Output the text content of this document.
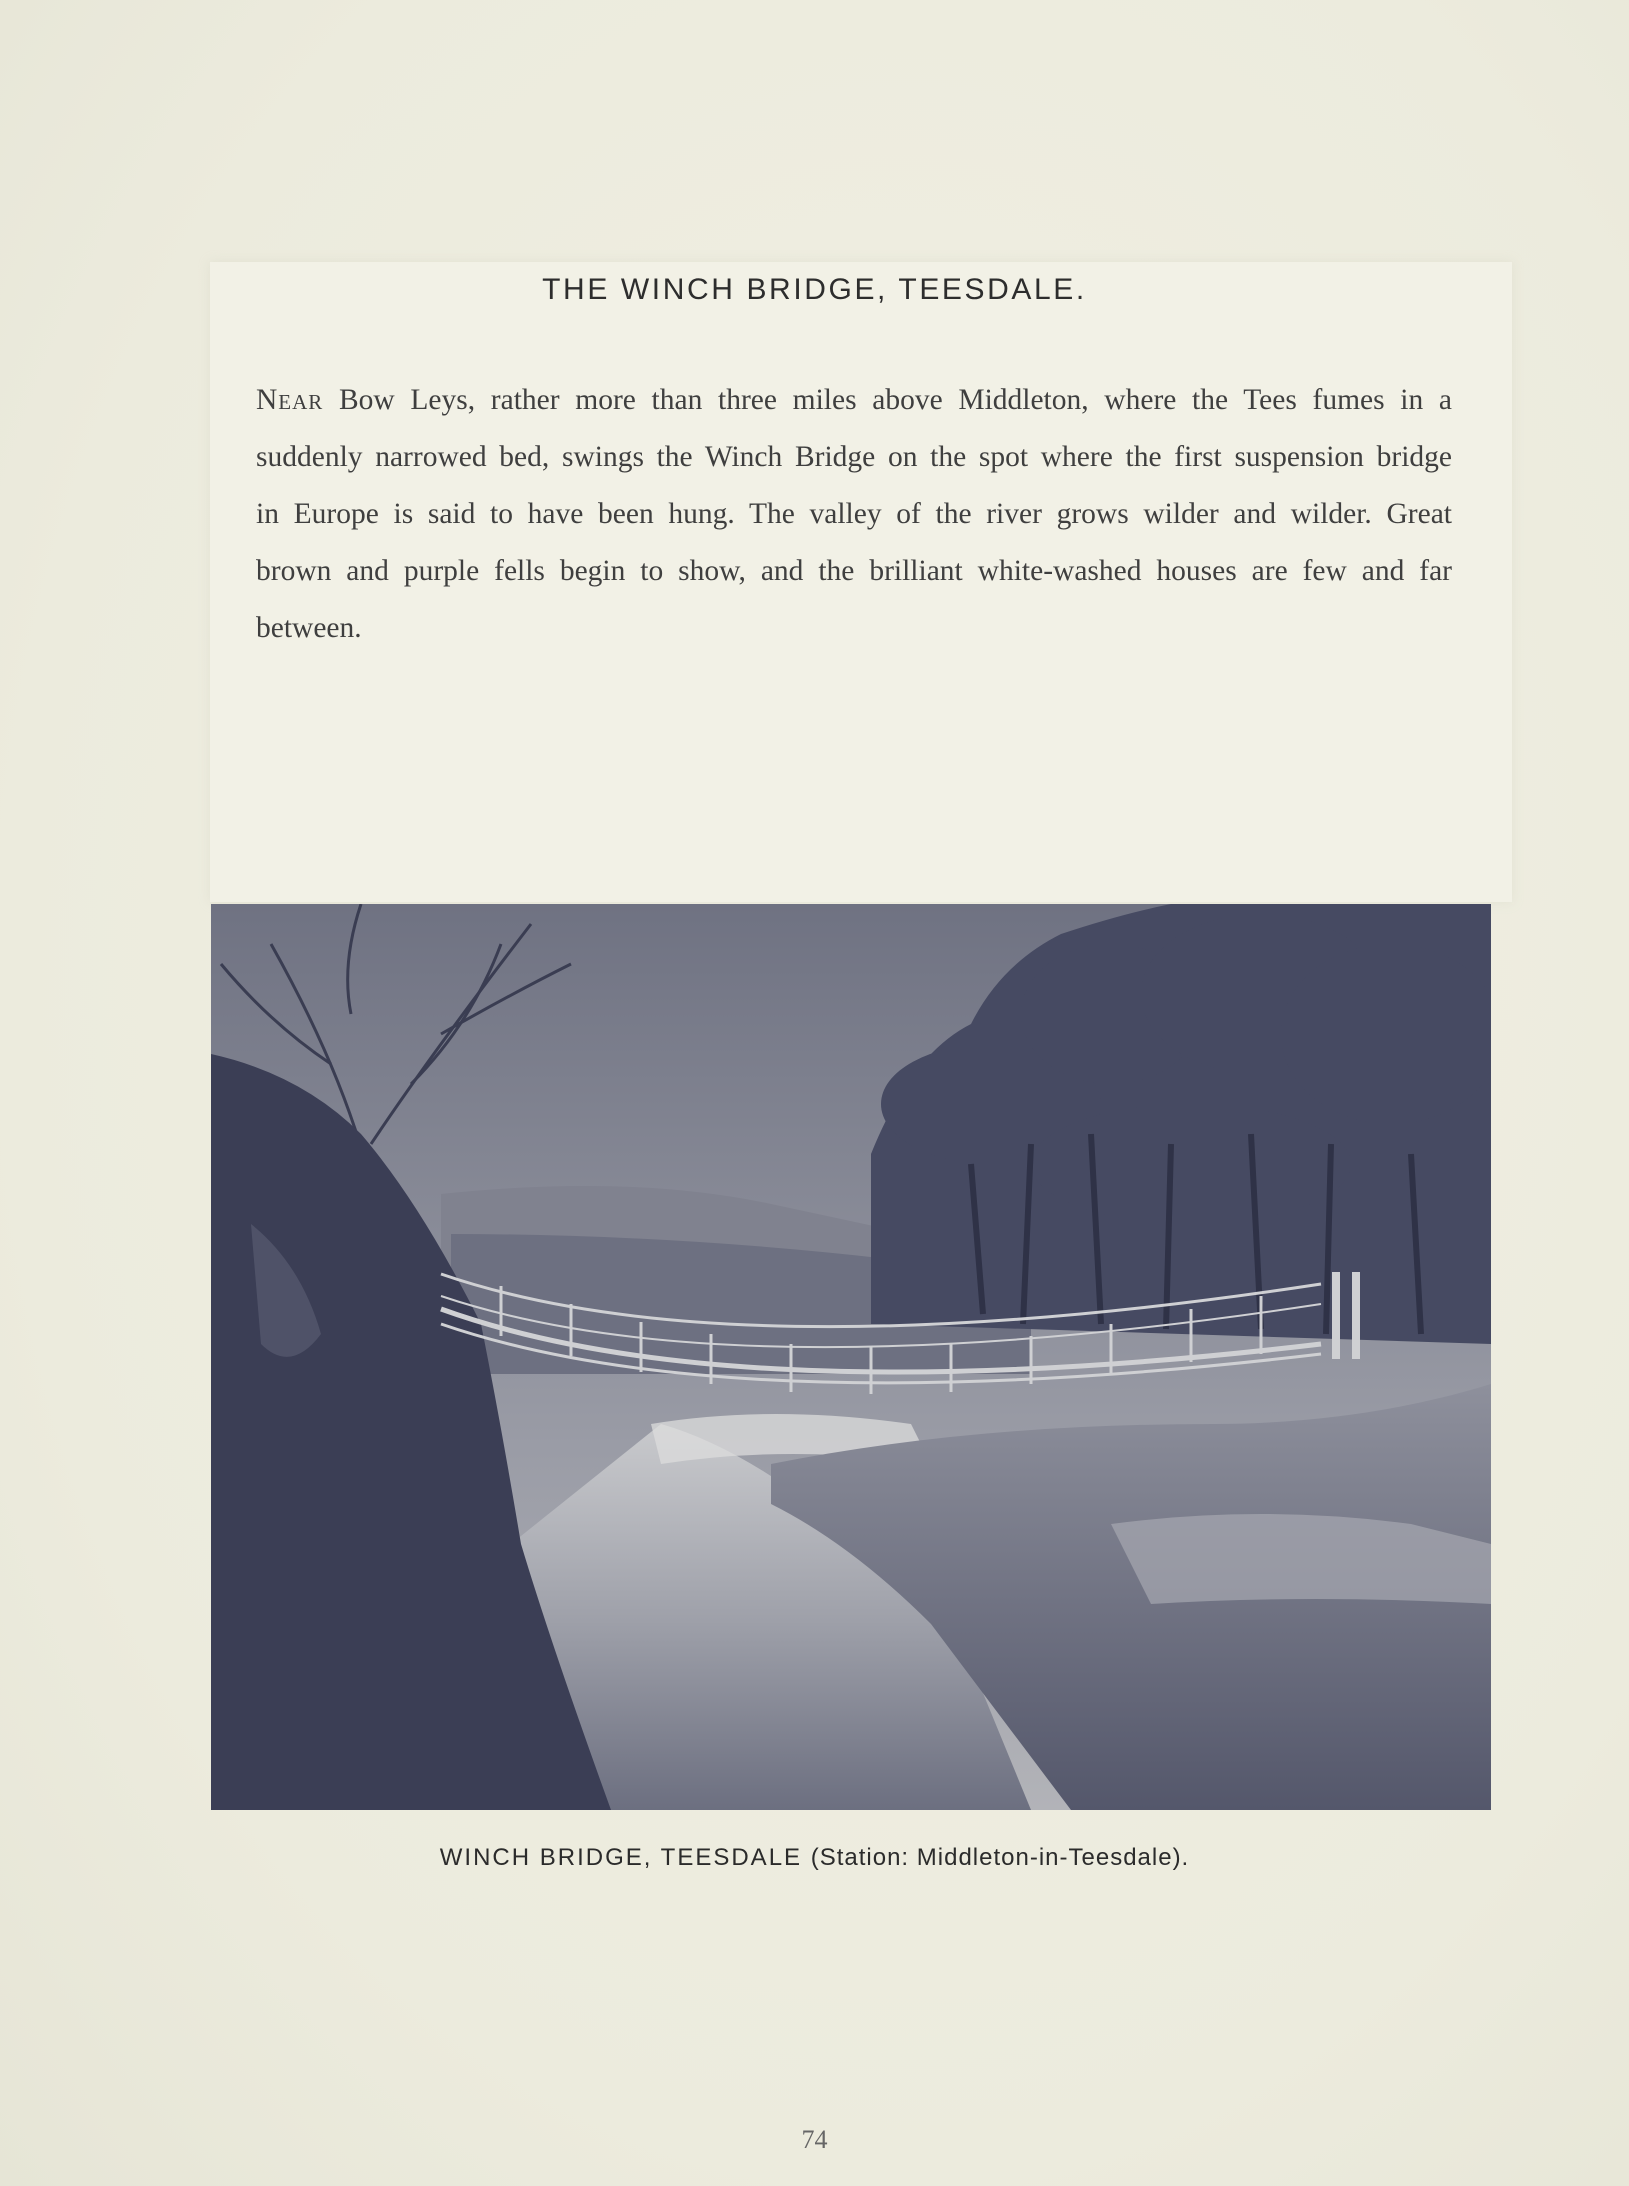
THE WINCH BRIDGE, TEESDALE.

Near Bow Leys, rather more than three miles above Middleton, where the Tees fumes in a suddenly narrowed bed, swings the Winch Bridge on the spot where the first suspension bridge in Europe is said to have been hung. The valley of the river grows wilder and wilder. Great brown and purple fells begin to show, and the brilliant white-washed houses are few and far between.

WINCH BRIDGE, TEESDALE (Station: Middleton-in-Teesdale).
74
